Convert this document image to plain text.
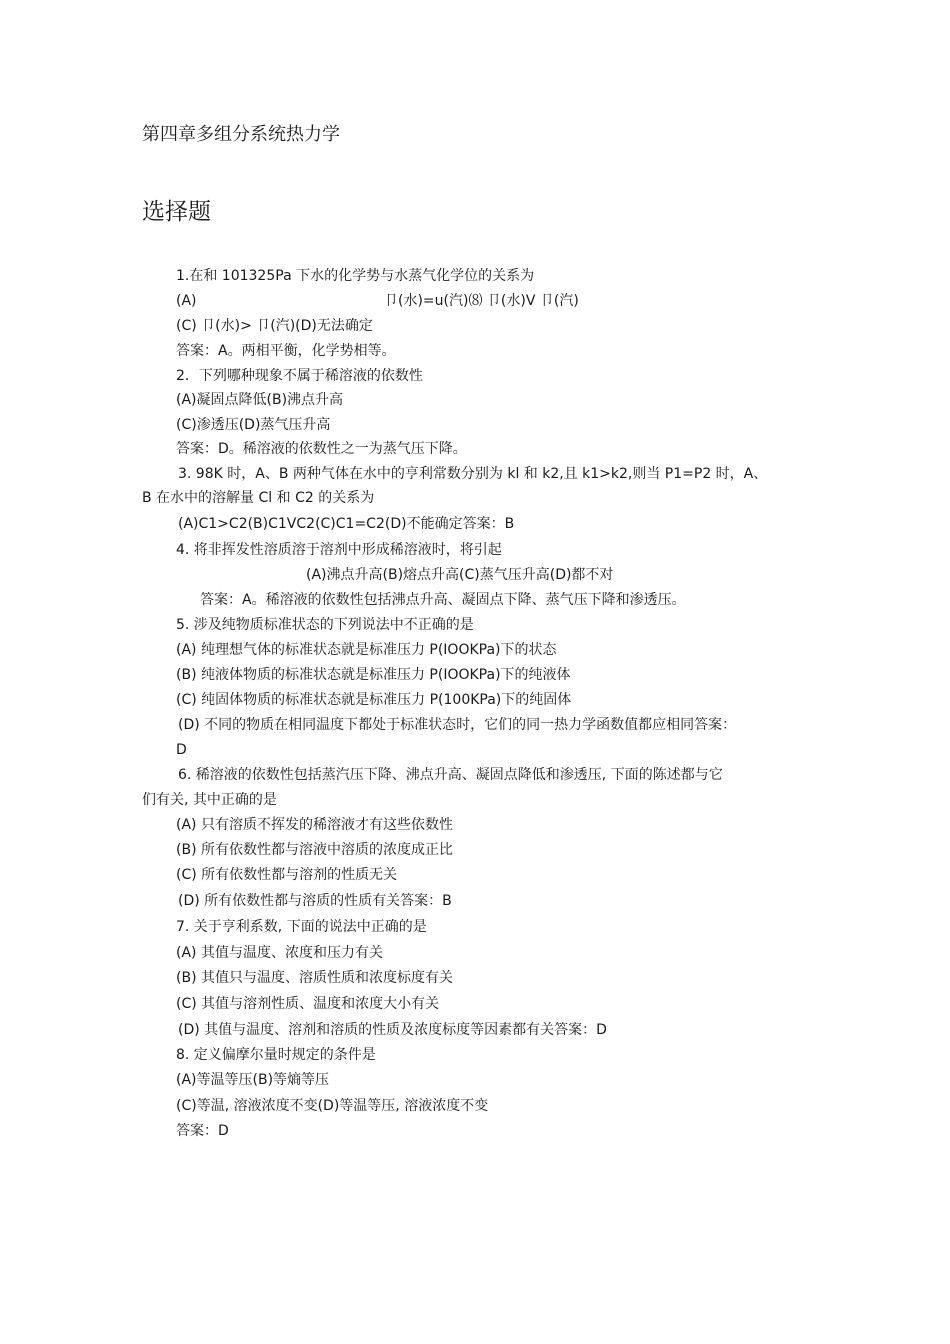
第四章多组分系统热力学
选择题
1.在和 101325Pa 下水的化学势与水蒸气化学位的关系为
(A)	卩(水)=u(汽)⑻ 卩(水)V 卩(汽)
(C) 卩(水)> 卩(汽)(D)无法确定
答案：A。两相平衡，化学势相等。
2．下列哪种现象不属于稀溶液的依数性
(A)凝固点降低(B)沸点升高
(C)渗透压(D)蒸气压升高
答案：D。稀溶液的依数性之一为蒸气压下降。
3. 98K 时，A、B 两种气体在水中的亨利常数分别为 kl 和 k2,且 k1>k2,则当 P1=P2 时，A、
B 在水中的溶解量 Cl 和 C2 的关系为
(A)C1>C2(B)C1VC2(C)C1=C2(D)不能确定答案：B
4. 将非挥发性溶质溶于溶剂中形成稀溶液时，将引起
(A)沸点升高(B)熔点升高(C)蒸气压升高(D)都不对
答案：A。稀溶液的依数性包括沸点升高、凝固点下降、蒸气压下降和渗透压。
5. 涉及纯物质标准状态的下列说法中不正确的是
(A) 纯理想气体的标准状态就是标准压力 P(IOOKPa)下的状态
(B) 纯液体物质的标准状态就是标准压力 P(IOOKPa)下的纯液体
(C) 纯固体物质的标准状态就是标准压力 P(100KPa)下的纯固体
(D) 不同的物质在相同温度下都处于标准状态时，它们的同一热力学函数值都应相同答案：
D
6. 稀溶液的依数性包括蒸汽压下降、沸点升高、凝固点降低和渗透压, 下面的陈述都与它
们有关, 其中正确的是
(A) 只有溶质不挥发的稀溶液才有这些依数性
(B) 所有依数性都与溶液中溶质的浓度成正比
(C) 所有依数性都与溶剂的性质无关
(D) 所有依数性都与溶质的性质有关答案：B
7. 关于亨利系数, 下面的说法中正确的是
(A) 其值与温度、浓度和压力有关
(B) 其值只与温度、溶质性质和浓度标度有关
(C) 其值与溶剂性质、温度和浓度大小有关
(D) 其值与温度、溶剂和溶质的性质及浓度标度等因素都有关答案：D
8. 定义偏摩尔量时规定的条件是
(A)等温等压(B)等熵等压
(C)等温, 溶液浓度不变(D)等温等压, 溶液浓度不变
答案：D
